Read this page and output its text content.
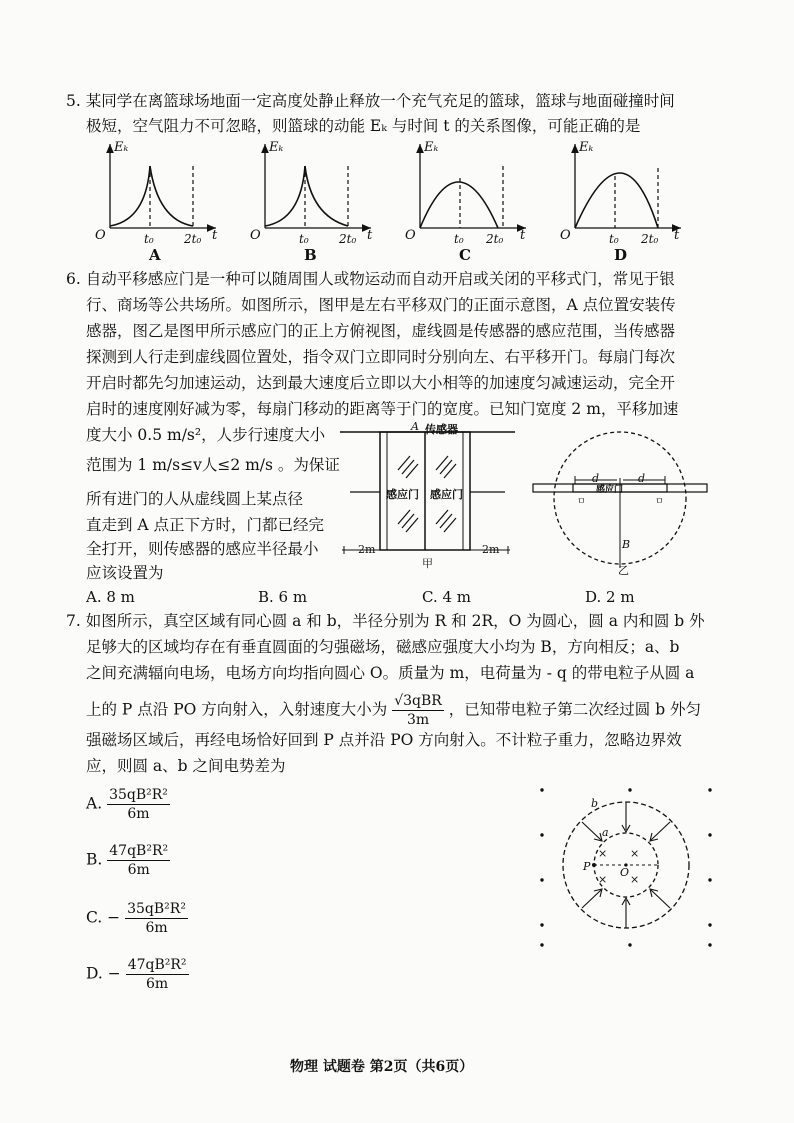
5. 某同学在离篮球场地面一定高度处静止释放一个充气充足的篮球，篮球与地面碰撞时间
极短，空气阻力不可忽略，则篮球的动能 Eₖ 与时间 t 的关系图像，可能正确的是
Eₖ
O	t₀	2t₀ t
A
Eₖ
O	t₀	2t₀ t
B
Eₖ
O	t₀ 2t₀ t
C
Eₖ
O	t₀ 2t₀ t
D
6. 自动平移感应门是一种可以随周围人或物运动而自动开启或关闭的平移式门，常见于银
行、商场等公共场所。如图所示，图甲是左右平移双门的正面示意图，A 点位置安装传
感器，图乙是图甲所示感应门的正上方俯视图，虚线圆是传感器的感应范围，当传感器
探测到人行走到虚线圆位置处，指令双门立即同时分别向左、右平移开门。每扇门每次
开启时都先匀加速运动，达到最大速度后立即以大小相等的加速度匀减速运动，完全开
启时的速度刚好减为零，每扇门移动的距离等于门的宽度。已知门宽度 2 m，平移加速
度大小 0.5 m/s²，人步行速度大小
范围为 1 m/s≤v人≤2 m/s 。为保证
所有进门的人从虚线圆上某点径
直走到 A 点正下方时，门都已经完
全打开，则传感器的感应半径最小
应该设置为
A 传感器
感应门 感应门
2m	2m
甲
ㅁ	ㅁ
d	d
感应门
B
乙
A. 8 m	B. 6 m	C. 4 m	D. 2 m
7. 如图所示，真空区域有同心圆 a 和 b，半径分别为 R 和 2R，O 为圆心，圆 a 内和圆 b 外
足够大的区域均存在有垂直圆面的匀强磁场，磁感应强度大小均为 B，方向相反；a、b
之间充满辐向电场，电场方向均指向圆心 O。质量为 m，电荷量为 - q 的带电粒子从圆 a
上的 P 点沿 PO 方向射入，入射速度大小为 $\frac{\text{√3qBR}}{3m}$ ，已知带电粒子第二次经过圆 b 外匀
强磁场区域后，再经电场恰好回到 P 点并沿 PO 方向射入。不计粒子重力，忽略边界效
应，则圆 a、b 之间电势差为
A. $\frac{\text{35qB²R²}}{6m}$
B. $\frac{\text{47qB²R²}}{6m}$
C. − $\frac{\text{35qB²R²}}{6m}$
D. − $\frac{\text{47qB²R²}}{6m}$
× ×
× ×
b
a
P	O
物理 试题卷 第2页（共6页）
